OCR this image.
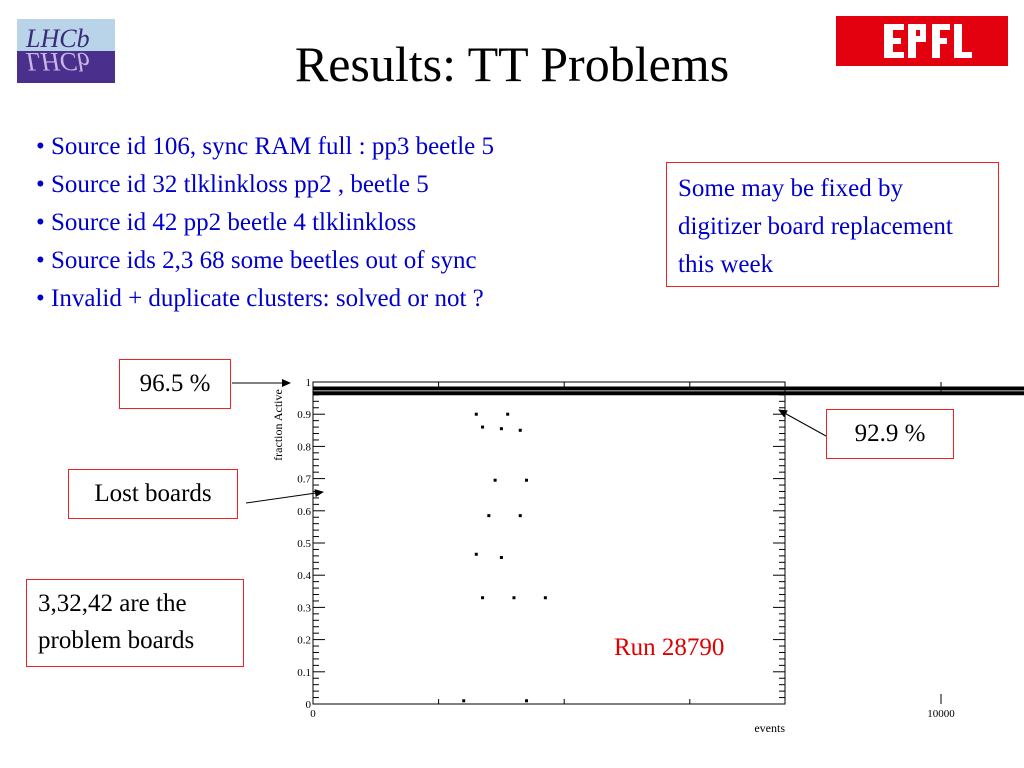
LHCb
LHCb	Results: TT Problems
• Source id 106, sync RAM full : pp3 beetle 5
• Source id 32 tlklinkloss pp2 , beetle 5
• Source id 42 pp2 beetle 4 tlklinkloss
• Source ids 2,3 68 some beetles out of sync
• Invalid + duplicate clusters: solved or not ?
Some may be fixed by digitizer board replacement this week
0
0.1
0.2
0.3
0.4
0.5
0.6
0.7
0.8
0.9
1
0	10000
fraction Active
events
96.5 %
92.9 %
Lost boards
3,32,42 are the problem boards	Run 28790
